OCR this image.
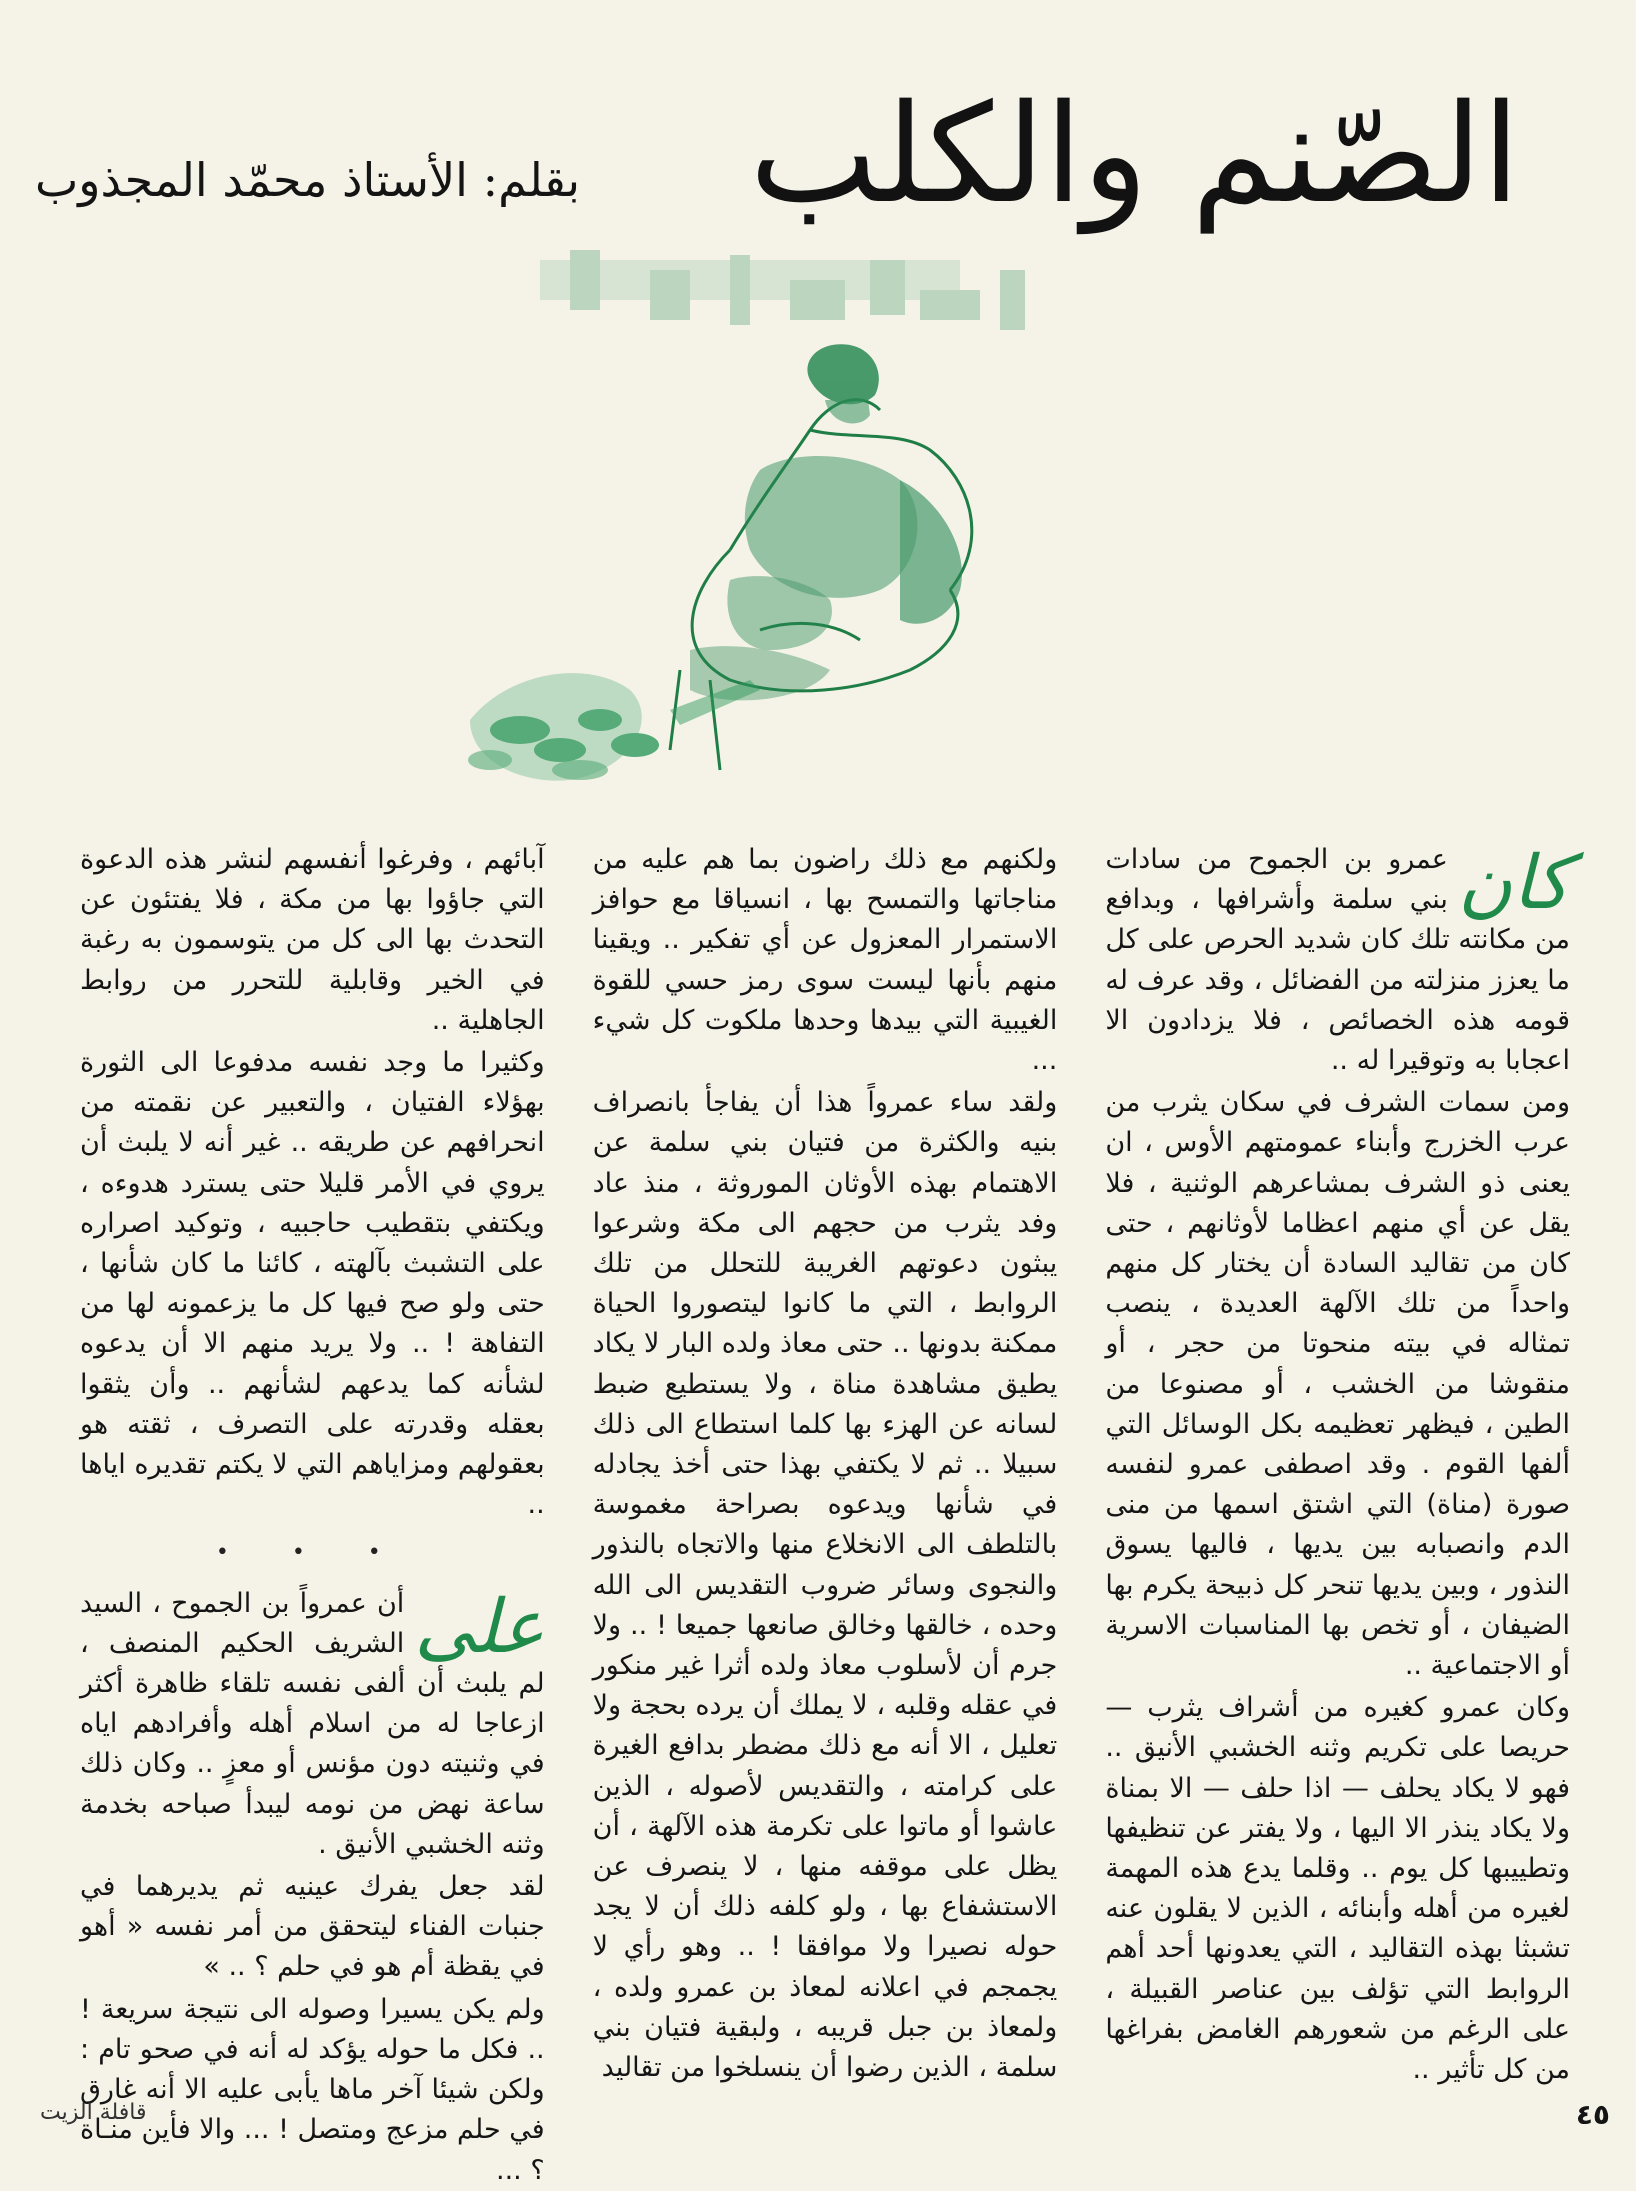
الصّنم والكلب
بقلم: الأستاذ محمّد المجذوب
كان

عمرو بن الجموح من سادات بني سلمة وأشرافها ، وبدافع من مكانته تلك كان شديد الحرص على كل ما يعزز منزلته من الفضائل ، وقد عرف له قومه هذه الخصائص ، فلا يزدادون الا اعجابا به وتوقيرا له ..

ومن سمات الشرف في سكان يثرب من عرب الخزرج وأبناء عمومتهم الأوس ، ان يعنى ذو الشرف بمشاعرهم الوثنية ، فلا يقل عن أي منهم اعظاما لأوثانهم ، حتى كان من تقاليد السادة أن يختار كل منهم واحداً من تلك الآلهة العديدة ، ينصب تمثاله في بيته منحوتا من حجر ، أو منقوشا من الخشب ، أو مصنوعا من الطين ، فيظهر تعظيمه بكل الوسائل التي ألفها القوم . وقد اصطفى عمرو لنفسه صورة (مناة) التي اشتق اسمها من منى الدم وانصبابه بين يديها ، فاليها يسوق النذور ، وبين يديها تنحر كل ذبيحة يكرم بها الضيفان ، أو تخص بها المناسبات الاسرية أو الاجتماعية ..

وكان عمرو كغيره من أشراف يثرب — حريصا على تكريم وثنه الخشبي الأنيق .. فهو لا يكاد يحلف — اذا حلف — الا بمناة ولا يكاد ينذر الا اليها ، ولا يفتر عن تنظيفها وتطييبها كل يوم .. وقلما يدع هذه المهمة لغيره من أهله وأبنائه ، الذين لا يقلون عنه تشبثا بهذه التقاليد ، التي يعدونها أحد أهم الروابط التي تؤلف بين عناصر القبيلة ، على الرغم من شعورهم الغامض بفراغها من كل تأثير ..

ولكنهم مع ذلك راضون بما هم عليه من مناجاتها والتمسح بها ، انسياقا مع حوافز الاستمرار المعزول عن أي تفكير .. ويقينا منهم بأنها ليست سوى رمز حسي للقوة الغيبية التي بيدها وحدها ملكوت كل شيء ...

ولقد ساء عمرواً هذا أن يفاجأ بانصراف بنيه والكثرة من فتيان بني سلمة عن الاهتمام بهذه الأوثان الموروثة ، منذ عاد وفد يثرب من حجهم الى مكة وشرعوا يبثون دعوتهم الغريبة للتحلل من تلك الروابط ، التي ما كانوا ليتصوروا الحياة ممكنة بدونها .. حتى معاذ ولده البار لا يكاد يطيق مشاهدة مناة ، ولا يستطيع ضبط لسانه عن الهزء بها كلما استطاع الى ذلك سبيلا .. ثم لا يكتفي بهذا حتى أخذ يجادله في شأنها ويدعوه بصراحة مغموسة بالتلطف الى الانخلاع منها والاتجاه بالنذور والنجوى وسائر ضروب التقديس الى الله وحده ، خالقها وخالق صانعها جميعا ! .. ولا جرم أن لأسلوب معاذ ولده أثرا غير منكور في عقله وقلبه ، لا يملك أن يرده بحجة ولا تعليل ، الا أنه مع ذلك مضطر بدافع الغيرة على كرامته ، والتقديس لأصوله ، الذين عاشوا أو ماتوا على تكرمة هذه الآلهة ، أن يظل على موقفه منها ، لا ينصرف عن الاستشفاع بها ، ولو كلفه ذلك أن لا يجد حوله نصيرا ولا موافقا ! .. وهو رأي لا يجمجم في اعلانه لمعاذ بن عمرو ولده ، ولمعاذ بن جبل قريبه ، ولبقية فتيان بني سلمة ، الذين رضوا أن ينسلخوا من تقاليد

آبائهم ، وفرغوا أنفسهم لنشر هذه الدعوة التي جاؤوا بها من مكة ، فلا يفتئون عن التحدث بها الى كل من يتوسمون به رغبة في الخير وقابلية للتحرر من روابط الجاهلية ..

وكثيرا ما وجد نفسه مدفوعا الى الثورة بهؤلاء الفتيان ، والتعبير عن نقمته من انحرافهم عن طريقه .. غير أنه لا يلبث أن يروي في الأمر قليلا حتى يسترد هدوءه ، ويكتفي بتقطيب حاجبيه ، وتوكيد اصراره على التشبث بآلهته ، كائنا ما كان شأنها ، حتى ولو صح فيها كل ما يزعمونه لها من التفاهة ! .. ولا يريد منهم الا أن يدعوه لشأنه كما يدعهم لشأنهم .. وأن يثقوا بعقله وقدرته على التصرف ، ثقته هو بعقولهم ومزاياهم التي لا يكتم تقديره اياها ..

• • •
على

أن عمرواً بن الجموح ، السيد الشريف الحكيم المنصف ، لم يلبث أن ألفى نفسه تلقاء ظاهرة أكثر ازعاجا له من اسلام أهله وأفرادهم اياه في وثنيته دون مؤنس أو معزٍ .. وكان ذلك ساعة نهض من نومه ليبدأ صباحه بخدمة وثنه الخشبي الأنيق .

لقد جعل يفرك عينيه ثم يديرهما في جنبات الفناء ليتحقق من أمر نفسه « أهو في يقظة أم هو في حلم ؟ .. »

ولم يكن يسيرا وصوله الى نتيجة سريعة ! .. فكل ما حوله يؤكد له أنه في صحو تام : ولكن شيئا آخر ماها يأبى عليه الا أنه غارق في حلم مزعج ومتصل ! ... والا فأين منـاة ؟ ...

٤٥
قافلة الزيت
